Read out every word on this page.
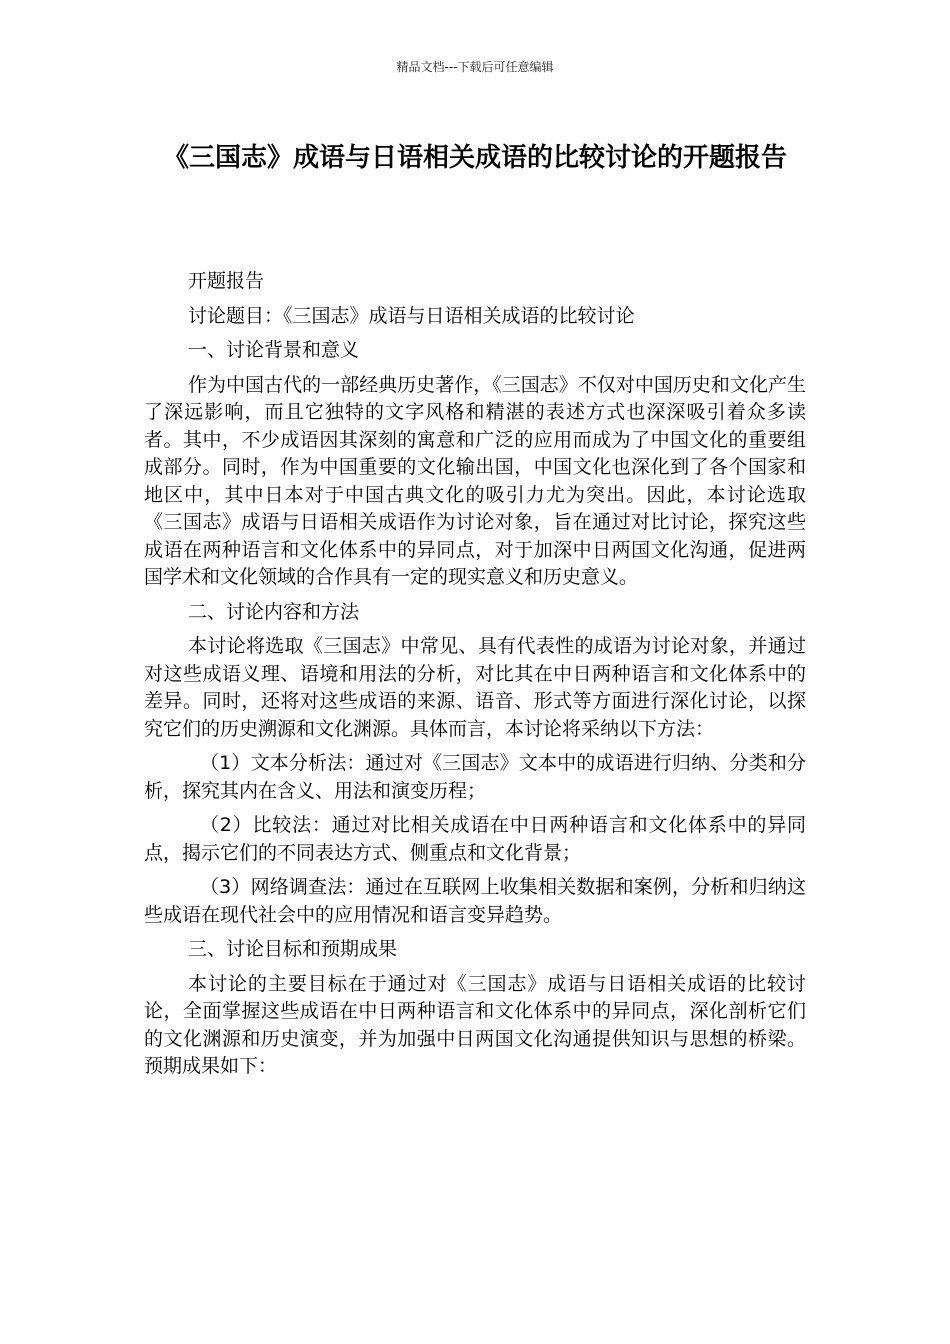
精品文档---下载后可任意编辑
《三国志》成语与日语相关成语的比较讨论的开题报告

开题报告

讨论题目：《三国志》成语与日语相关成语的比较讨论

一、讨论背景和意义

作为中国古代的一部经典历史著作，《三国志》不仅对中国历史和文化产生了深远影响，而且它独特的文字风格和精湛的表述方式也深深吸引着众多读者。其中，不少成语因其深刻的寓意和广泛的应用而成为了中国文化的重要组成部分。同时，作为中国重要的文化输出国，中国文化也深化到了各个国家和地区中，其中日本对于中国古典文化的吸引力尤为突出。因此，本讨论选取《三国志》成语与日语相关成语作为讨论对象，旨在通过对比讨论，探究这些成语在两种语言和文化体系中的异同点，对于加深中日两国文化沟通，促进两国学术和文化领域的合作具有一定的现实意义和历史意义。

二、讨论内容和方法

本讨论将选取《三国志》中常见、具有代表性的成语为讨论对象，并通过对这些成语义理、语境和用法的分析，对比其在中日两种语言和文化体系中的差异。同时，还将对这些成语的来源、语音、形式等方面进行深化讨论，以探究它们的历史溯源和文化渊源。具体而言，本讨论将采纳以下方法：

（1）文本分析法：通过对《三国志》文本中的成语进行归纳、分类和分析，探究其内在含义、用法和演变历程；

（2）比较法：通过对比相关成语在中日两种语言和文化体系中的异同点，揭示它们的不同表达方式、侧重点和文化背景；

（3）网络调查法：通过在互联网上收集相关数据和案例，分析和归纳这些成语在现代社会中的应用情况和语言变异趋势。

三、讨论目标和预期成果

本讨论的主要目标在于通过对《三国志》成语与日语相关成语的比较讨论，全面掌握这些成语在中日两种语言和文化体系中的异同点，深化剖析它们的文化渊源和历史演变，并为加强中日两国文化沟通提供知识与思想的桥梁。预期成果如下：
